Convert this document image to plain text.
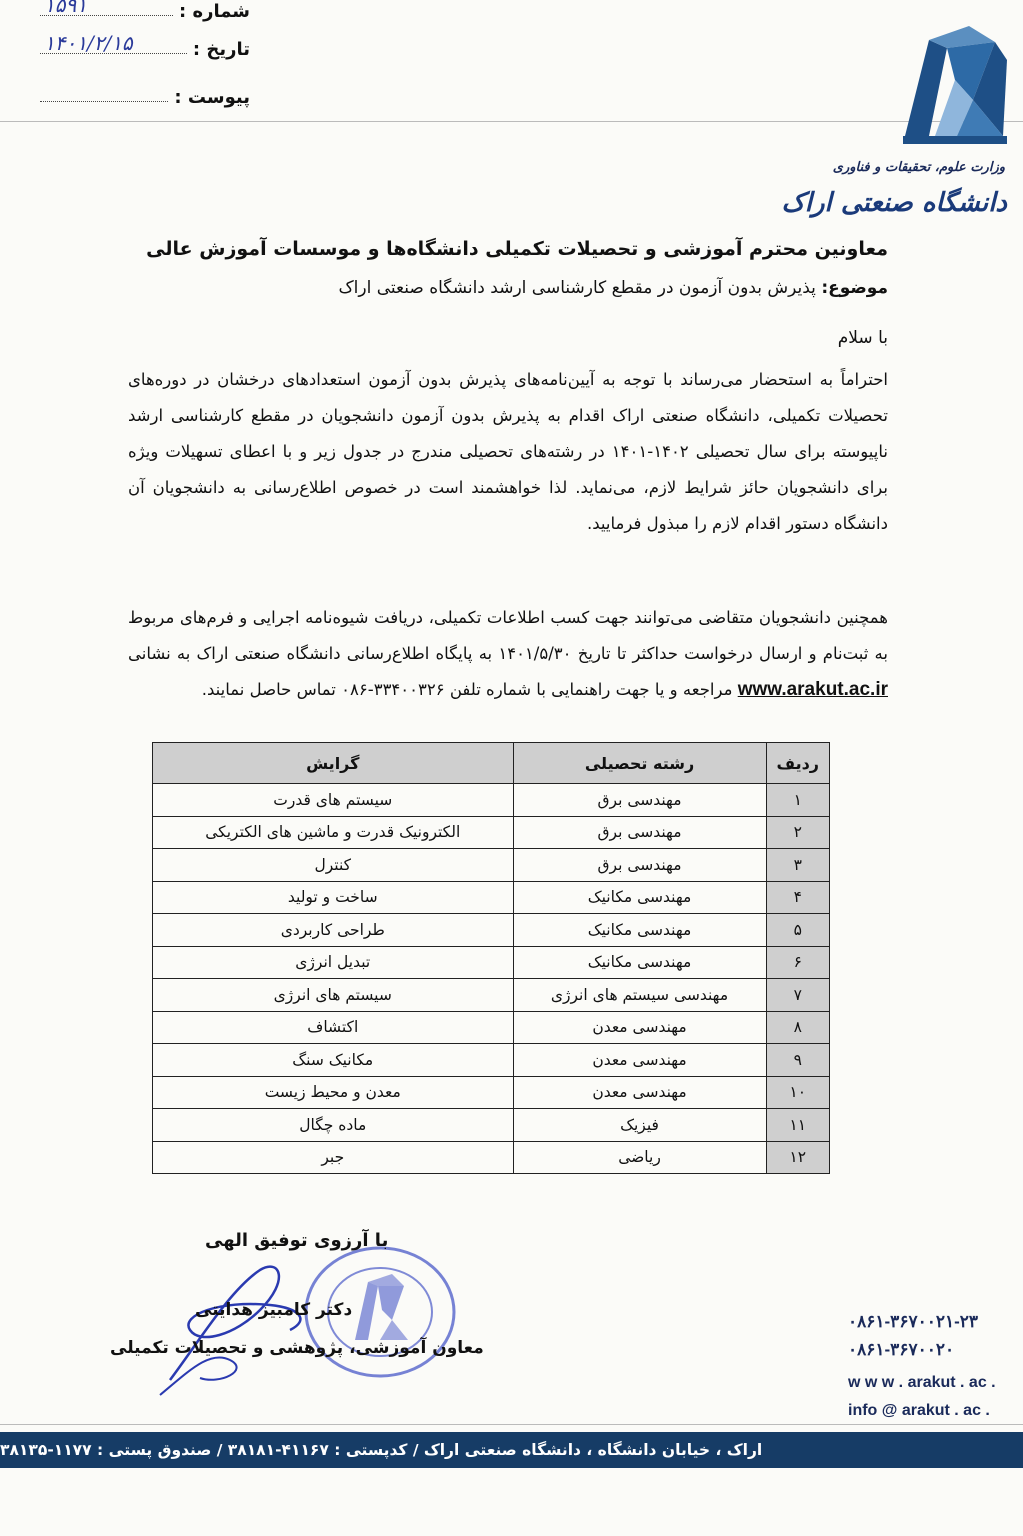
شماره :
۱۵۹۱
تاریخ :
۱۴۰۱/۲/۱۵
پیوست :
وزارت علوم، تحقیقات و فناوری
دانشگاه صنعتی اراک
معاونین محترم آموزشی و تحصیلات تکمیلی دانشگاه‌ها و موسسات آموزش عالی
موضوع: پذیرش بدون آزمون در مقطع کارشناسی ارشد دانشگاه صنعتی اراک
با سلام
احتراماً به استحضار می‌رساند با توجه به آیین‌نامه‌های پذیرش بدون آزمون استعدادهای درخشان در دوره‌های تحصیلات تکمیلی، دانشگاه صنعتی اراک اقدام به پذیرش بدون آزمون دانشجویان در مقطع کارشناسی ارشد ناپیوسته برای سال تحصیلی ۱۴۰۲-۱۴۰۱ در رشته‌های تحصیلی مندرج در جدول زیر و با اعطای تسهیلات ویژه برای دانشجویان حائز شرایط لازم، می‌نماید. لذا خواهشمند است در خصوص اطلاع‌رسانی به دانشجویان آن دانشگاه دستور اقدام لازم را مبذول فرمایید.
همچنین دانشجویان متقاضی می‌توانند جهت کسب اطلاعات تکمیلی، دریافت شیوه‌نامه اجرایی و فرم‌های مربوط به ثبت‌نام و ارسال درخواست حداکثر تا تاریخ ۱۴۰۱/۵/۳۰ به پایگاه اطلاع‌رسانی دانشگاه صنعتی اراک به نشانی www.arakut.ac.ir مراجعه و یا جهت راهنمایی با شماره تلفن ۳۳۴۰۰۳۲۶-۰۸۶ تماس حاصل نمایند.
ردیف	رشته تحصیلی	گرایش
۱	مهندسی برق	سیستم های قدرت
۲	مهندسی برق	الکترونیک قدرت و ماشین های الکتریکی
۳	مهندسی برق	کنترل
۴	مهندسی مکانیک	ساخت و تولید
۵	مهندسی مکانیک	طراحی کاربردی
۶	مهندسی مکانیک	تبدیل انرژی
۷	مهندسی سیستم های انرژی	سیستم های انرژی
۸	مهندسی معدن	اکتشاف
۹	مهندسی معدن	مکانیک سنگ
۱۰	مهندسی معدن	معدن و محیط زیست
۱۱	فیزیک	ماده چگال
۱۲	ریاضی	جبر
با آرزوی توفیق الهی
دکتر کامبیز هدایتی
معاون آموزشی، پژوهشی و تحصیلات تکمیلی
۰۸۶۱-۳۶۷۰۰۲۱-۲۳
w w w . arakut . ac .
info @ arakut . ac .
۰۸۶۱-۳۶۷۰۰۲۰
اراک ، خیابان دانشگاه ، دانشگاه صنعتی اراک / کدپستی : ۴۱۱۶۷-۳۸۱۸۱ / صندوق پستی : ۱۱۷۷-۳۸۱۳۵
